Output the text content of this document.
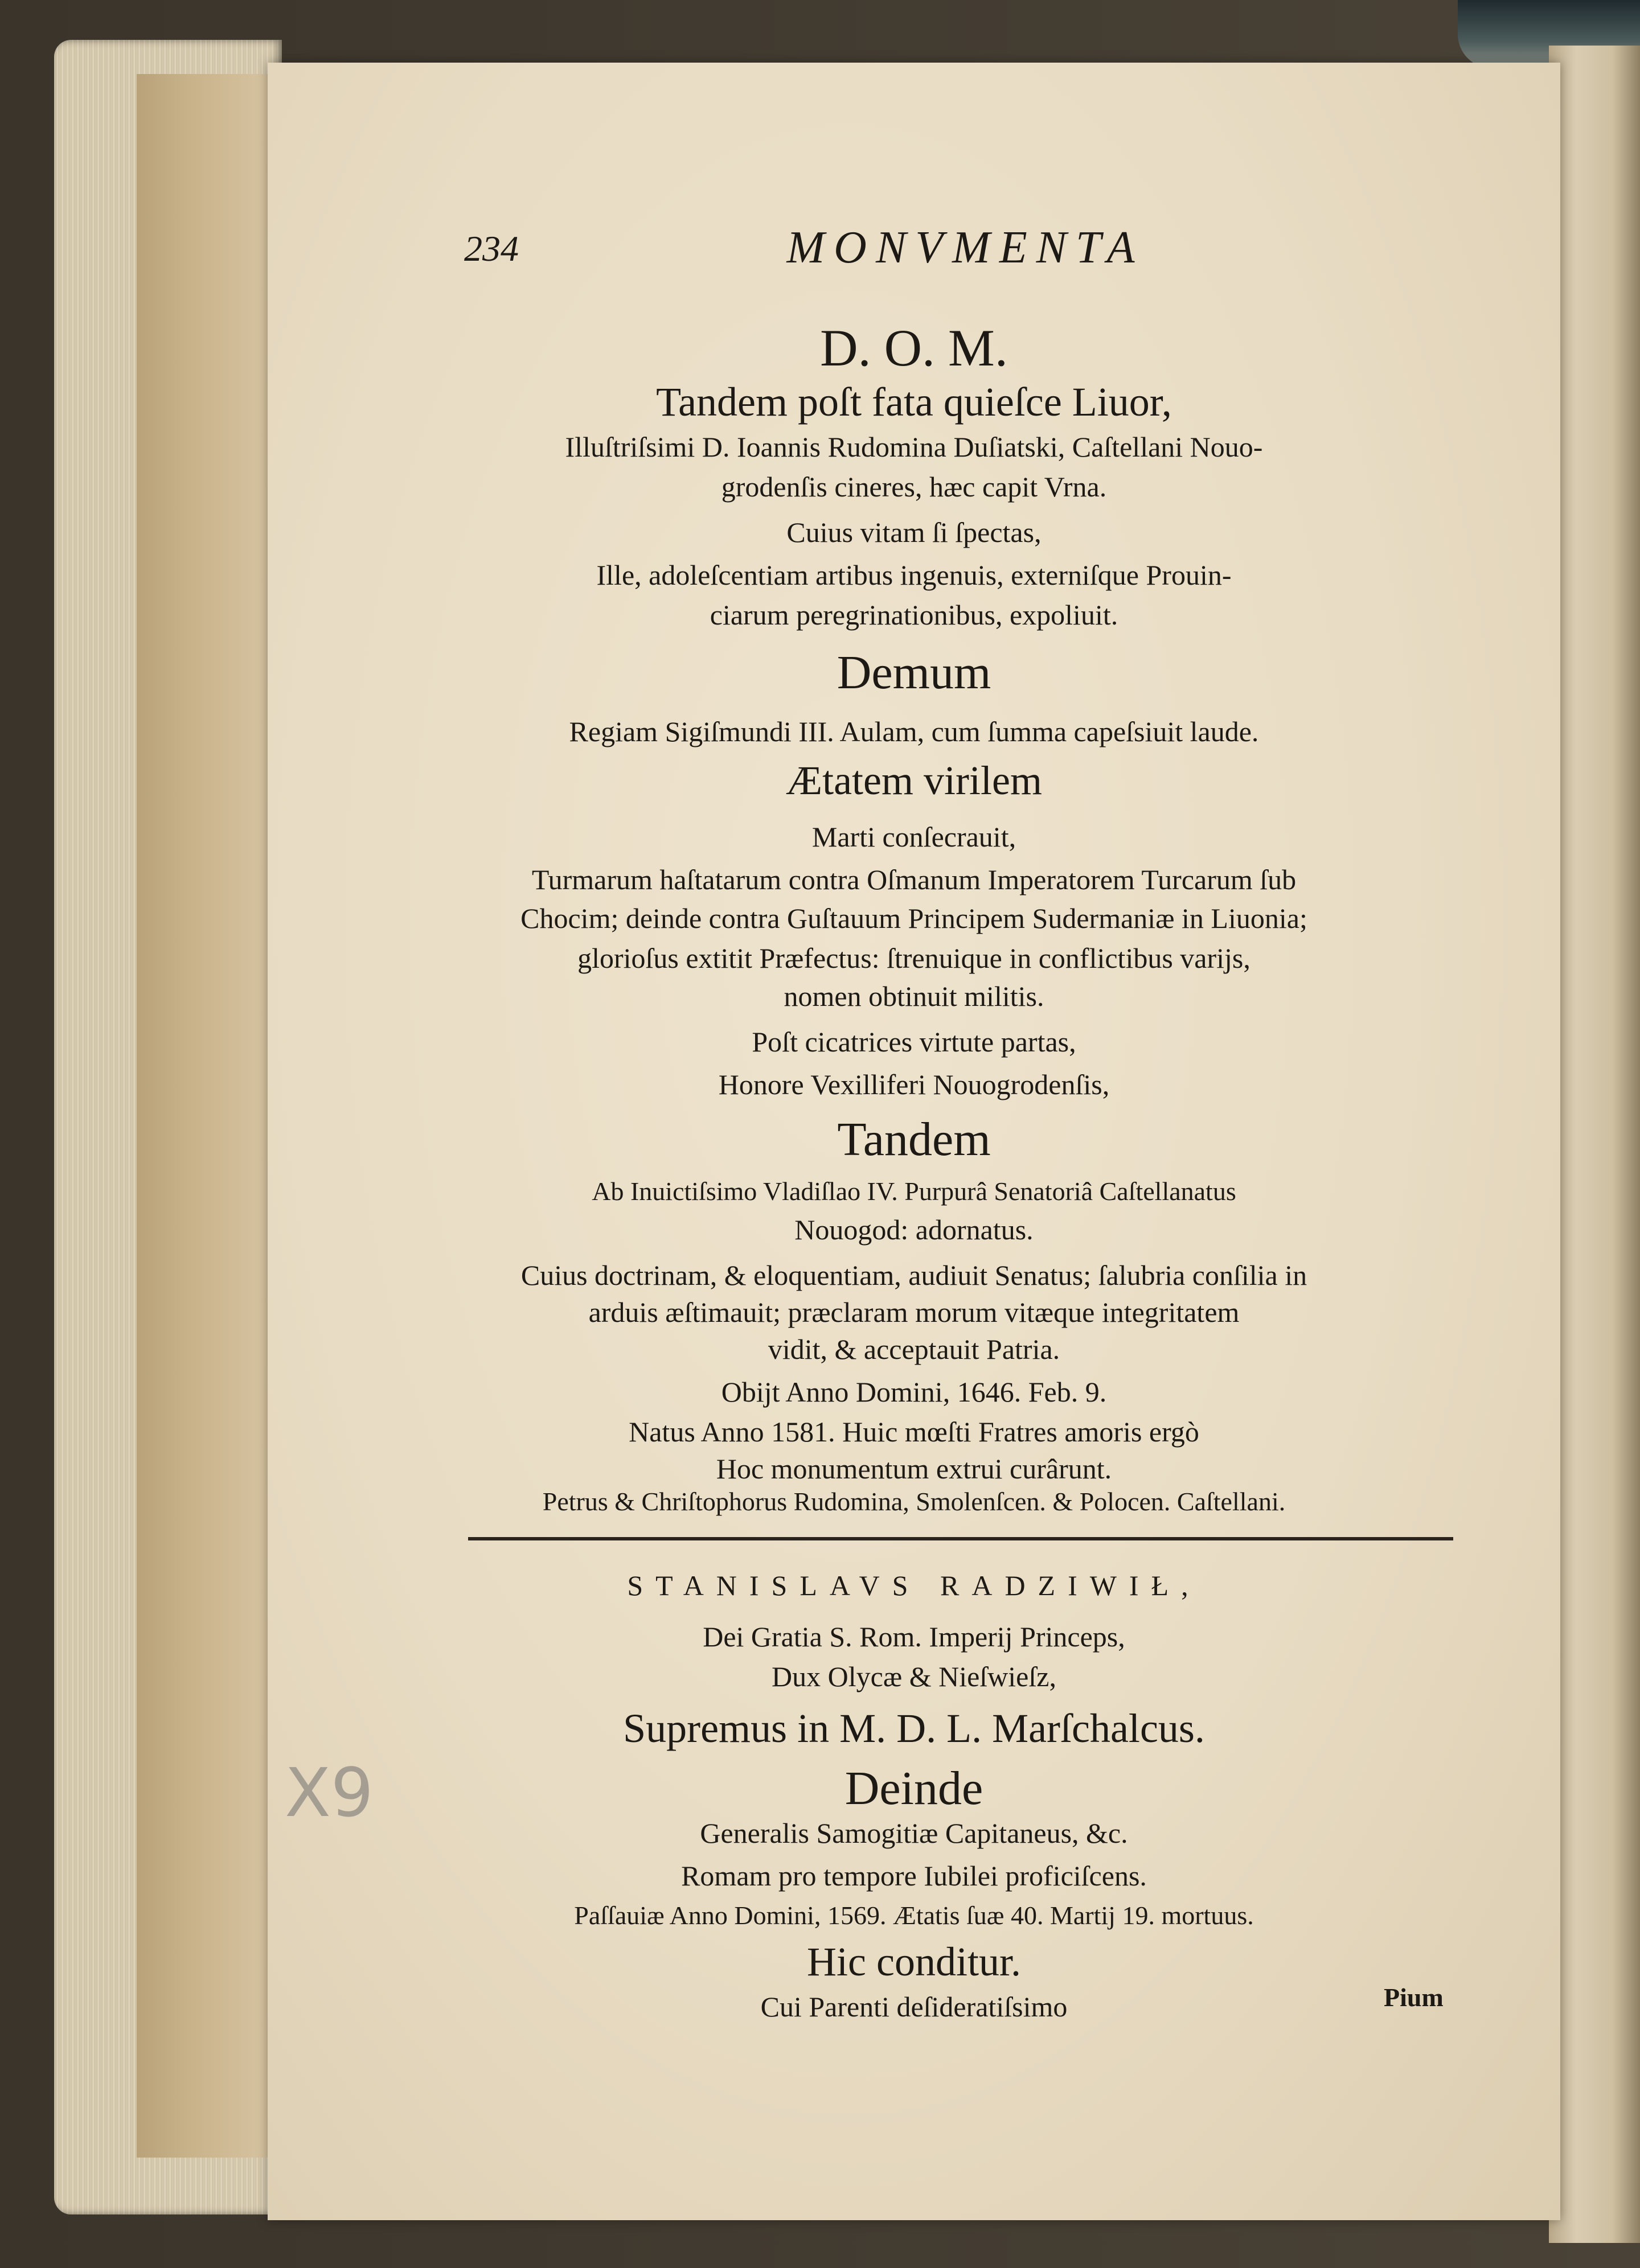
234	MONVMENTA
D. O. M.
Tandem poſt fata quieſce Liuor,
Illuſtriſsimi D. Ioannis Rudomina Duſiatski, Caſtellani Nouo-
grodenſis cineres, hæc capit Vrna.
Cuius vitam ſi ſpectas,
Ille, adoleſcentiam artibus ingenuis, externiſque Prouin-
ciarum peregrinationibus, expoliuit.
Demum
Regiam Sigiſmundi III. Aulam, cum ſumma capeſsiuit laude.
Ætatem virilem
Marti conſecrauit,
Turmarum haſtatarum contra Oſmanum Imperatorem Turcarum ſub
Chocim; deinde contra Guſtauum Principem Sudermaniæ in Liuonia;
glorioſus extitit Præfectus: ſtrenuique in conflictibus varijs,
nomen obtinuit militis.
Poſt cicatrices virtute partas,
Honore Vexilliferi Nouogrodenſis,
Tandem
Ab Inuictiſsimo Vladiſlao IV. Purpurâ Senatoriâ Caſtellanatus
Nouogod: adornatus.
Cuius doctrinam, & eloquentiam, audiuit Senatus; ſalubria conſilia in
arduis æſtimauit; præclaram morum vitæque integritatem
vidit, & acceptauit Patria.
Obijt Anno Domini, 1646. Feb. 9.
Natus Anno 1581. Huic mœſti Fratres amoris ergò
Hoc monumentum extrui curârunt.
Petrus & Chriſtophorus Rudomina, Smolenſcen. & Polocen. Caſtellani.
STANISLAVS RADZIWIŁ,
Dei Gratia S. Rom. Imperij Princeps,
Dux Olycæ & Nieſwieſz,
Supremus in M. D. L. Marſchalcus.
Deinde
Generalis Samogitiæ Capitaneus, &c.
Romam pro tempore Iubilei proficiſcens.
Paſſauiæ Anno Domini, 1569. Ætatis ſuæ 40. Martij 19. mortuus.
Hic conditur.
Cui Parenti deſideratiſsimo	Pium
X9
